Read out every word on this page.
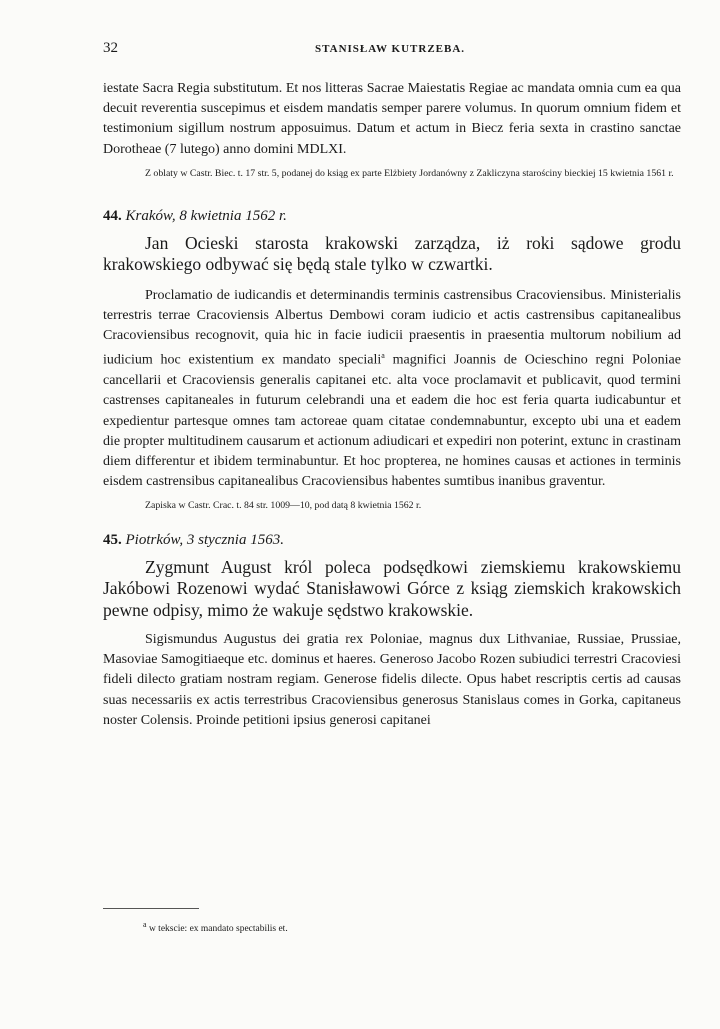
32	STANISŁAW KUTRZEBA.

iestate Sacra Regia substitutum. Et nos litteras Sacrae Maiestatis Regiae ac mandata omnia cum ea qua decuit reverentia suscepimus et eisdem mandatis semper parere volumus. In quorum omnium fidem et testimonium sigillum nostrum apposuimus. Datum et actum in Biecz feria sexta in crastino sanctae Dorotheae (7 lutego) anno domini MDLXI.

Z oblaty w Castr. Biec. t. 17 str. 5, podanej do ksiąg ex parte Elżbiety Jordanówny z Zakliczyna starościny bieckiej 15 kwietnia 1561 r.

44. Kraków, 8 kwietnia 1562 r.

Jan Ocieski starosta krakowski zarządza, iż roki sądowe grodu krakowskiego odbywać się będą stale tylko w czwartki.

Proclamatio de iudicandis et determinandis terminis castrensibus Cracoviensibus. Ministerialis terrestris terrae Cracoviensis Albertus Dembowi coram iudicio et actis castrensibus capitanealibus Cracoviensibus recognovit, quia hic in facie iudicii praesentis in praesentia multorum nobilium ad iudicium hoc existentium ex mandato speciali$^a$ magnifici Joannis de Ocieschino regni Poloniae cancellarii et Cracoviensis generalis capitanei etc. alta voce proclamavit et publicavit, quod termini castrenses capitaneales in futurum celebrandi una et eadem die hoc est feria quarta iudicabuntur et expedientur partesque omnes tam actoreae quam citatae condemnabuntur, excepto ubi una et eadem die propter multitudinem causarum et actionum adiudicari et expediri non poterint, extunc in crastinam diem differentur et ibidem terminabuntur. Et hoc propterea, ne homines causas et actiones in terminis eisdem castrensibus capitanealibus Cracoviensibus habentes sumtibus inanibus graventur.

Zapiska w Castr. Crac. t. 84 str. 1009—10, pod datą 8 kwietnia 1562 r.

45. Piotrków, 3 stycznia 1563.

Zygmunt August król poleca podsędkowi ziemskiemu krakowskiemu Jakóbowi Rozenowi wydać Stanisławowi Górce z ksiąg ziemskich krakowskich pewne odpisy, mimo że wakuje sędstwo krakowskie.

Sigismundus Augustus dei gratia rex Poloniae, magnus dux Lithvaniae, Russiae, Prussiae, Masoviae Samogitiaeque etc. dominus et haeres. Generoso Jacobo Rozen subiudici terrestri Cracoviesi fideli dilecto gratiam nostram regiam. Generose fidelis dilecte. Opus habet rescriptis certis ad causas suas necessariis ex actis terrestribus Cracoviensibus generosus Stanislaus comes in Gorka, capitaneus noster Colensis. Proinde petitioni ipsius generosi capitanei

$^a$ w tekscie: ex mandato spectabilis et.
